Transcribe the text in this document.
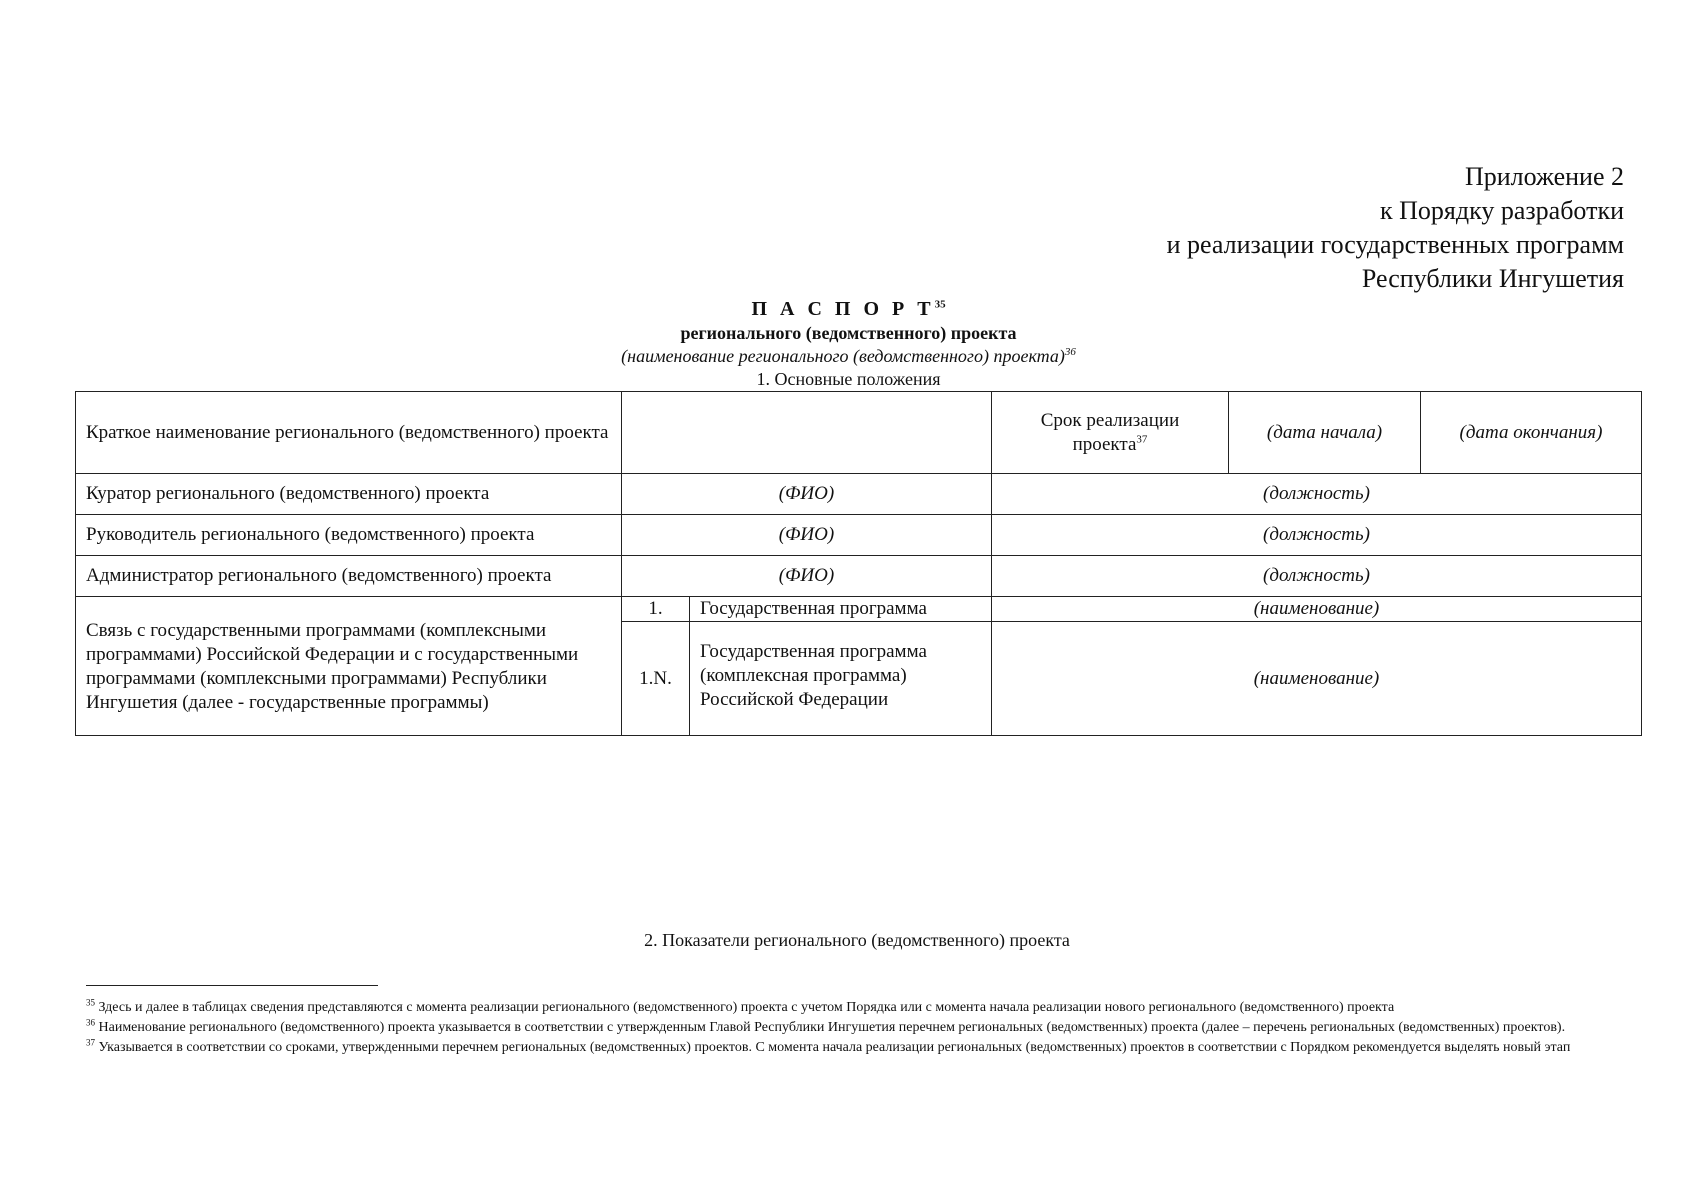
Приложение 2
к Порядку разработки
и реализации государственных программ
Республики Ингушетия
П А С П О Р $Т^{35}$
регионального (ведомственного) проекта
(наименование регионального (ведомственного) проекта)$^{36}$
1. Основные положения
Краткое наименование регионального (ведомственного) проекта			Срок реализации проекта$^{37}$	(дата начала)	(дата окончания)
Куратор регионального (ведомственного) проекта	(ФИО)		(должность)		
Руководитель регионального (ведомственного) проекта	(ФИО)		(должность)		
Администратор регионального (ведомственного) проекта	(ФИО)		(должность)		
Связь с государственными программами (комплексными программами) Российской Федерации и с государственными программами (комплексными программами) Республики Ингушетия (далее - государственные программы)	1.	Государственная программа	(наименование)		
	1.N.	Государственная программа (комплексная программа) Российской Федерации	(наименование)		
2. Показатели регионального (ведомственного) проекта
$^{35}$ Здесь и далее в таблицах сведения представляются с момента реализации регионального (ведомственного) проекта с учетом Порядка или с момента начала реализации нового регионального (ведомственного) проекта
$^{36}$ Наименование регионального (ведомственного) проекта указывается в соответствии с утвержденным Главой Республики Ингушетия перечнем региональных (ведомственных) проекта (далее – перечень региональных (ведомственных) проектов).
$^{37}$ Указывается в соответствии со сроками, утвержденными перечнем региональных (ведомственных) проектов. С момента начала реализации региональных (ведомственных) проектов в соответствии с Порядком рекомендуется выделять новый этап
